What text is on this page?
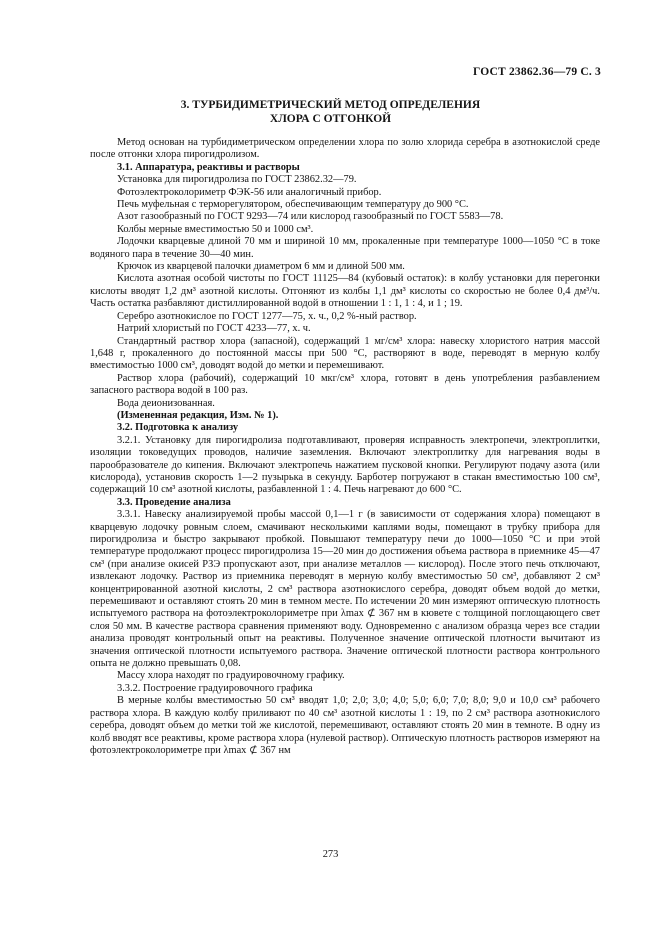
ГОСТ 23862.36—79 С. 3
3. ТУРБИДИМЕТРИЧЕСКИЙ МЕТОД ОПРЕДЕЛЕНИЯ
ХЛОРА С ОТГОНКОЙ

Метод основан на турбидиметрическом определении хлора по золю хлорида серебра в азотнокислой среде после отгонки хлора пирогидролизом.

3.1. Аппаратура, реактивы и растворы

Установка для пирогидролиза по ГОСТ 23862.32—79.

Фотоэлектроколориметр ФЭК-56 или аналогичный прибор.

Печь муфельная с терморегулятором, обеспечивающим температуру до 900 °С.

Азот газообразный по ГОСТ 9293—74 или кислород газообразный по ГОСТ 5583—78.

Колбы мерные вместимостью 50 и 1000 см³.

Лодочки кварцевые длиной 70 мм и шириной 10 мм, прокаленные при температуре 1000—1050 °С в токе водяного пара в течение 30—40 мин.

Крючок из кварцевой палочки диаметром 6 мм и длиной 500 мм.

Кислота азотная особой чистоты по ГОСТ 11125—84 (кубовый остаток): в колбу установки для перегонки кислоты вводят 1,2 дм³ азотной кислоты. Отгоняют из колбы 1,1 дм³ кислоты со скоростью не более 0,4 дм³/ч. Часть остатка разбавляют дистиллированной водой в отношении 1 : 1, 1 : 4, и 1 ; 19.

Серебро азотнокислое по ГОСТ 1277—75, х. ч., 0,2 %-ный раствор.

Натрий хлористый по ГОСТ 4233—77, х. ч.

Стандартный раствор хлора (запасной), содержащий 1 мг/см³ хлора: навеску хлористого натрия массой 1,648 г, прокаленного до постоянной массы при 500 °С, растворяют в воде, переводят в мерную колбу вместимостью 1000 см³, доводят водой до метки и перемешивают.

Раствор хлора (рабочий), содержащий 10 мкг/см³ хлора, готовят в день употребления разбавлением запасного раствора водой в 100 раз.

Вода деионизованная.

(Измененная редакция, Изм. № 1).

3.2. Подготовка к анализу

3.2.1. Установку для пирогидролиза подготавливают, проверяя исправность электропечи, электроплитки, изоляции токоведущих проводов, наличие заземления. Включают электроплитку для нагревания воды в парообразователе до кипения. Включают электропечь нажатием пусковой кнопки. Регулируют подачу азота (или кислорода), установив скорость 1—2 пузырька в секунду. Барботер погружают в стакан вместимостью 100 см³, содержащий 10 см³ азотной кислоты, разбавленной 1 : 4. Печь нагревают до 600 °С.

3.3. Проведение анализа

3.3.1. Навеску анализируемой пробы массой 0,1—1 г (в зависимости от содержания хлора) помещают в кварцевую лодочку ровным слоем, смачивают несколькими каплями воды, помещают в трубку прибора для пирогидролиза и быстро закрывают пробкой. Повышают температуру печи до 1000—1050 °С и при этой температуре продолжают процесс пирогидролиза 15—20 мин до достижения объема раствора в приемнике 45—47 см³ (при анализе окисей РЗЭ пропускают азот, при анализе металлов — кислород). После этого печь отключают, извлекают лодочку. Раствор из приемника переводят в мерную колбу вместимостью 50 см³, добавляют 2 см³ концентрированной азотной кислоты, 2 см³ раствора азотнокислого серебра, доводят объем водой до метки, перемешивают и оставляют стоять 20 мин в темном месте. По истечении 20 мин измеряют оптическую плотность испытуемого раствора на фотоэлектроколориметре при λmax ⊄ 367 нм в кювете с толщиной поглощающего свет слоя 50 мм. В качестве раствора сравнения применяют воду. Одновременно с анализом образца через все стадии анализа проводят контрольный опыт на реактивы. Полученное значение оптической плотности вычитают из значения оптической плотности испытуемого раствора. Значение оптической плотности раствора контрольного опыта не должно превышать 0,08.

Массу хлора находят по градуировочному графику.

3.3.2. Построение градуировочного графика

В мерные колбы вместимостью 50 см³ вводят 1,0; 2,0; 3,0; 4,0; 5,0; 6,0; 7,0; 8,0; 9,0 и 10,0 см³ рабочего раствора хлора. В каждую колбу приливают по 40 см³ азотной кислоты 1 : 19, по 2 см³ раствора азотнокислого серебра, доводят объем до метки той же кислотой, перемешивают, оставляют стоять 20 мин в темноте. В одну из колб вводят все реактивы, кроме раствора хлора (нулевой раствор). Оптическую плотность растворов измеряют на фотоэлектроколориметре при λmax ⊄ 367 нм

273
